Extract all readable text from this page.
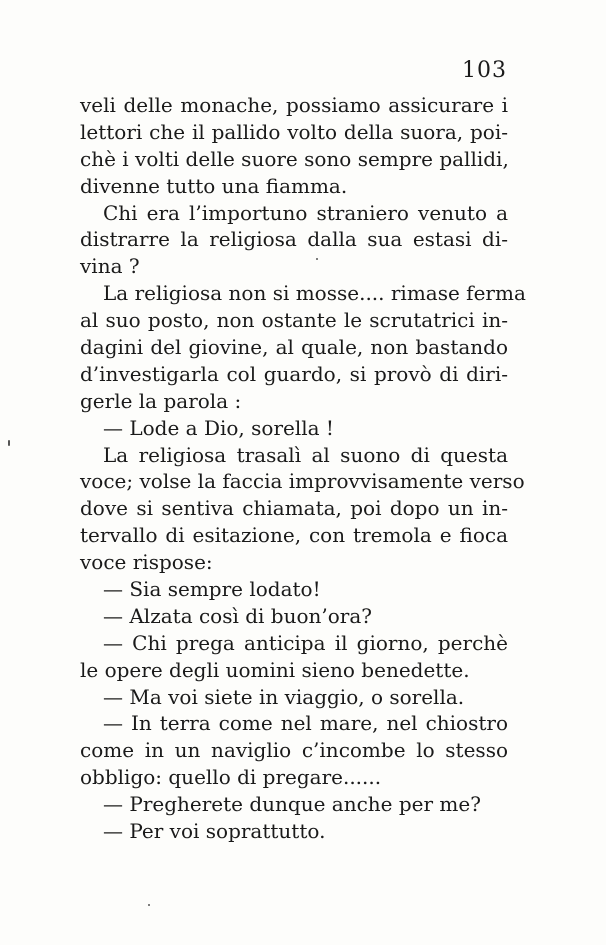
103
veli delle monache, possiamo assicurare i
lettori che il pallido volto della suora, poi-
chè i volti delle suore sono sempre pallidi,
divenne tutto una fiamma.
Chi era l’importuno straniero venuto a
distrarre la religiosa dalla sua estasi di-
vina ?
La religiosa non si mosse.... rimase ferma
al suo posto, non ostante le scrutatrici in-
dagini del giovine, al quale, non bastando
d’investigarla col guardo, si provò di diri-
gerle la parola :
— Lode a Dio, sorella !
La religiosa trasalì al suono di questa
voce; volse la faccia improvvisamente verso
dove si sentiva chiamata, poi dopo un in-
tervallo di esitazione, con tremola e fioca
voce rispose:
— Sia sempre lodato!
— Alzata così di buon’ora?
— Chi prega anticipa il giorno, perchè
le opere degli uomini sieno benedette.
— Ma voi siete in viaggio, o sorella.
— In terra come nel mare, nel chiostro
come in un naviglio c’incombe lo stesso
obbligo: quello di pregare......
— Pregherete dunque anche per me?
— Per voi soprattutto.
